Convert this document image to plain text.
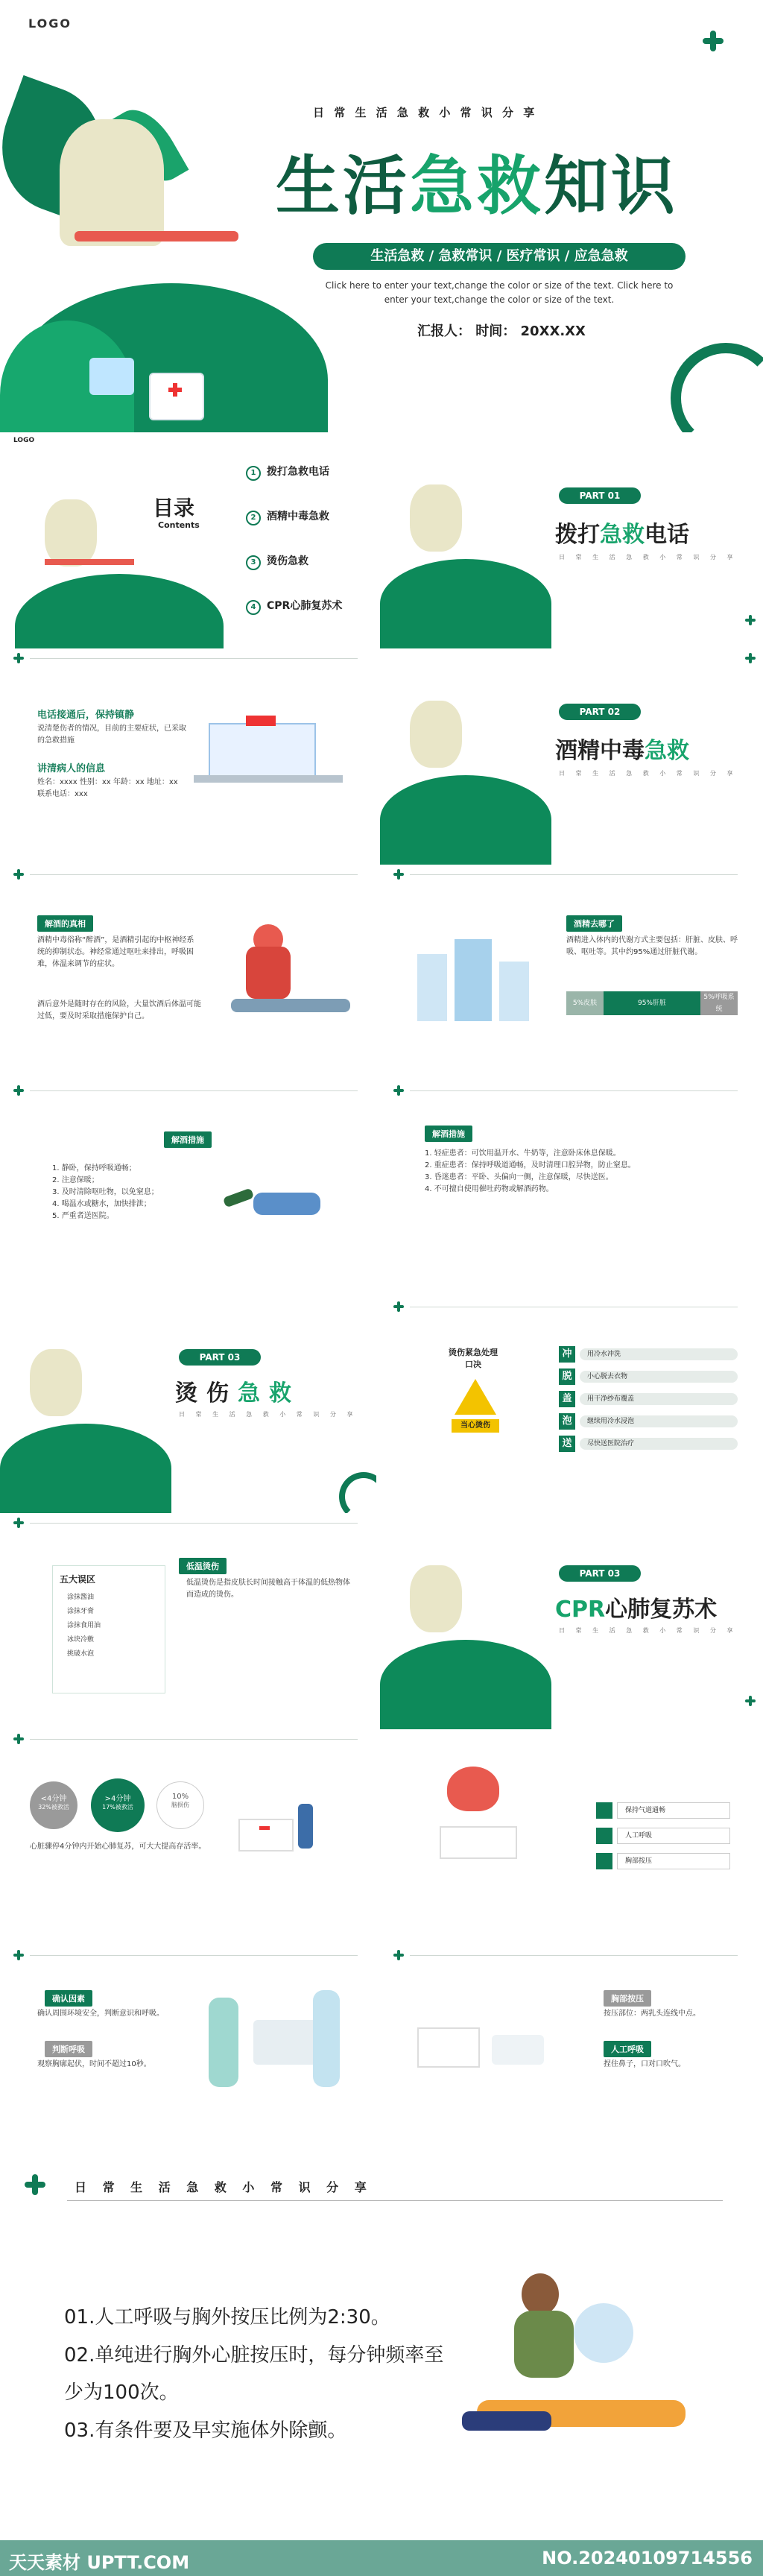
LOGO
日 常 生 活 急 救 小 常 识 分 享
生活急救知识
生活急救 / 急救常识 / 医疗常识 / 应急急救
Click here to enter your text,change the color or size of the text. Click here to
enter your text,change the color or size of the text.
汇报人： 时间： 20XX.XX
LOGO
目录
Contents
1 拨打急救电话
2 酒精中毒急救
3 烫伤急救
4 CPR心肺复苏术
PART 01
拨打急救电话
日 常 生 活 急 救 小 常 识 分 享
电话接通后，保持镇静
说清楚伤者的情况，目前的主要症状，已采取的急救措施
讲清病人的信息
姓名：xxxx 性别：xx 年龄：xx 地址：xx 联系电话：xxx
PART 02
酒精中毒急救
日 常 生 活 急 救 小 常 识 分 享
解酒的真相
酒精中毒俗称“醉酒”，是酒精引起的中枢神经系统的抑制状态。神经常通过呕吐来排出，呼吸困难，体温来调节的症状。
酒后意外是随时存在的风险，大量饮酒后体温可能过低，要及时采取措施保护自己。
酒精去哪了
酒精进入体内的代谢方式主要包括：肝脏、皮肤、呼吸、呕吐等。其中约95%通过肝脏代谢。
5%皮肤	95%肝脏
5%呼吸系统
解酒措施
1. 静卧，保持呼吸通畅；
2. 注意保暖；
3. 及时清除呕吐物，以免窒息；
4. 喝温水或糖水，加快排泄；
5. 严重者送医院。
解酒措施
1. 轻症患者：可饮用温开水、牛奶等，注意卧床休息保暖。
2. 重症患者：保持呼吸道通畅，及时清理口腔异物，防止窒息。
3. 昏迷患者：平卧、头偏向一侧，注意保暖，尽快送医。
4. 不可擅自使用催吐药物或解酒药物。
PART 03
烫伤急救
日 常 生 活 急 救 小 常 识 分 享
烫伤紧急处理口决
当心烫伤
冲	用冷水冲洗
脱	小心脱去衣物
盖	用干净纱布覆盖
泡	继续用冷水浸泡
送	尽快送医院治疗
五大误区
涂抹酱油
涂抹牙膏
涂抹食用油
冰块冷敷
挑破水泡
低温烫伤
低温烫伤是指皮肤长时间接触高于体温的低热物体而造成的烫伤。
PART 03
CPR心肺复苏术
日 常 生 活 急 救 小 常 识 分 享
<4分钟
32%被救活
>4分钟
17%被救活
10%
脑损伤
心脏骤停4分钟内开始心肺复苏，可大大提高存活率。
保持气道通畅
人工呼吸
胸部按压
确认因素
确认周围环境安全，判断意识和呼吸。
判断呼吸
观察胸廓起伏，时间不超过10秒。
胸部按压
按压部位：两乳头连线中点。
人工呼吸
捏住鼻子，口对口吹气。
日 常 生 活 急 救 小 常 识 分 享
01.人工呼吸与胸外按压比例为2:30。
02.单纯进行胸外心脏按压时，每分钟频率至
少为100次。
03.有条件要及早实施体外除颤。
天天素材 UPTT.COM	NO.20240109714556
